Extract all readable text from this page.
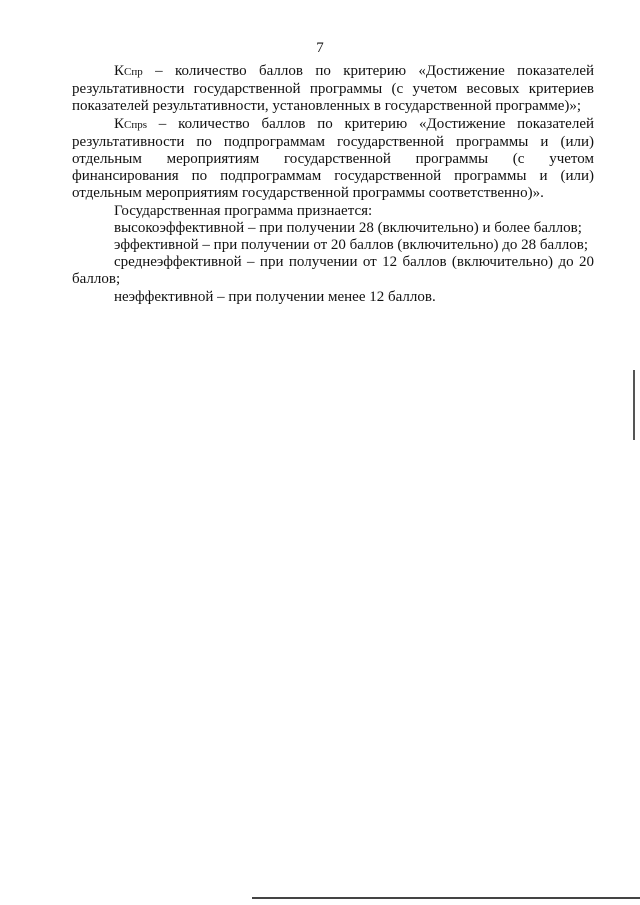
7

КСпр – количество баллов по критерию «Достижение показателей результативности государственной программы (с учетом весовых критериев показателей результативности, установленных в государственной программе)»;

КСпрs – количество баллов по критерию «Достижение показателей результативности по подпрограммам государственной программы и (или) отдельным мероприятиям государственной программы (с учетом финансирования по подпрограммам государственной программы и (или) отдельным мероприятиям государственной программы соответственно)».

Государственная программа признается:

высокоэффективной – при получении 28 (включительно) и более баллов;

эффективной – при получении от 20 баллов (включительно) до 28 баллов;

среднеэффективной – при получении от 12 баллов (включительно) до 20 баллов;

неэффективной – при получении менее 12 баллов.
